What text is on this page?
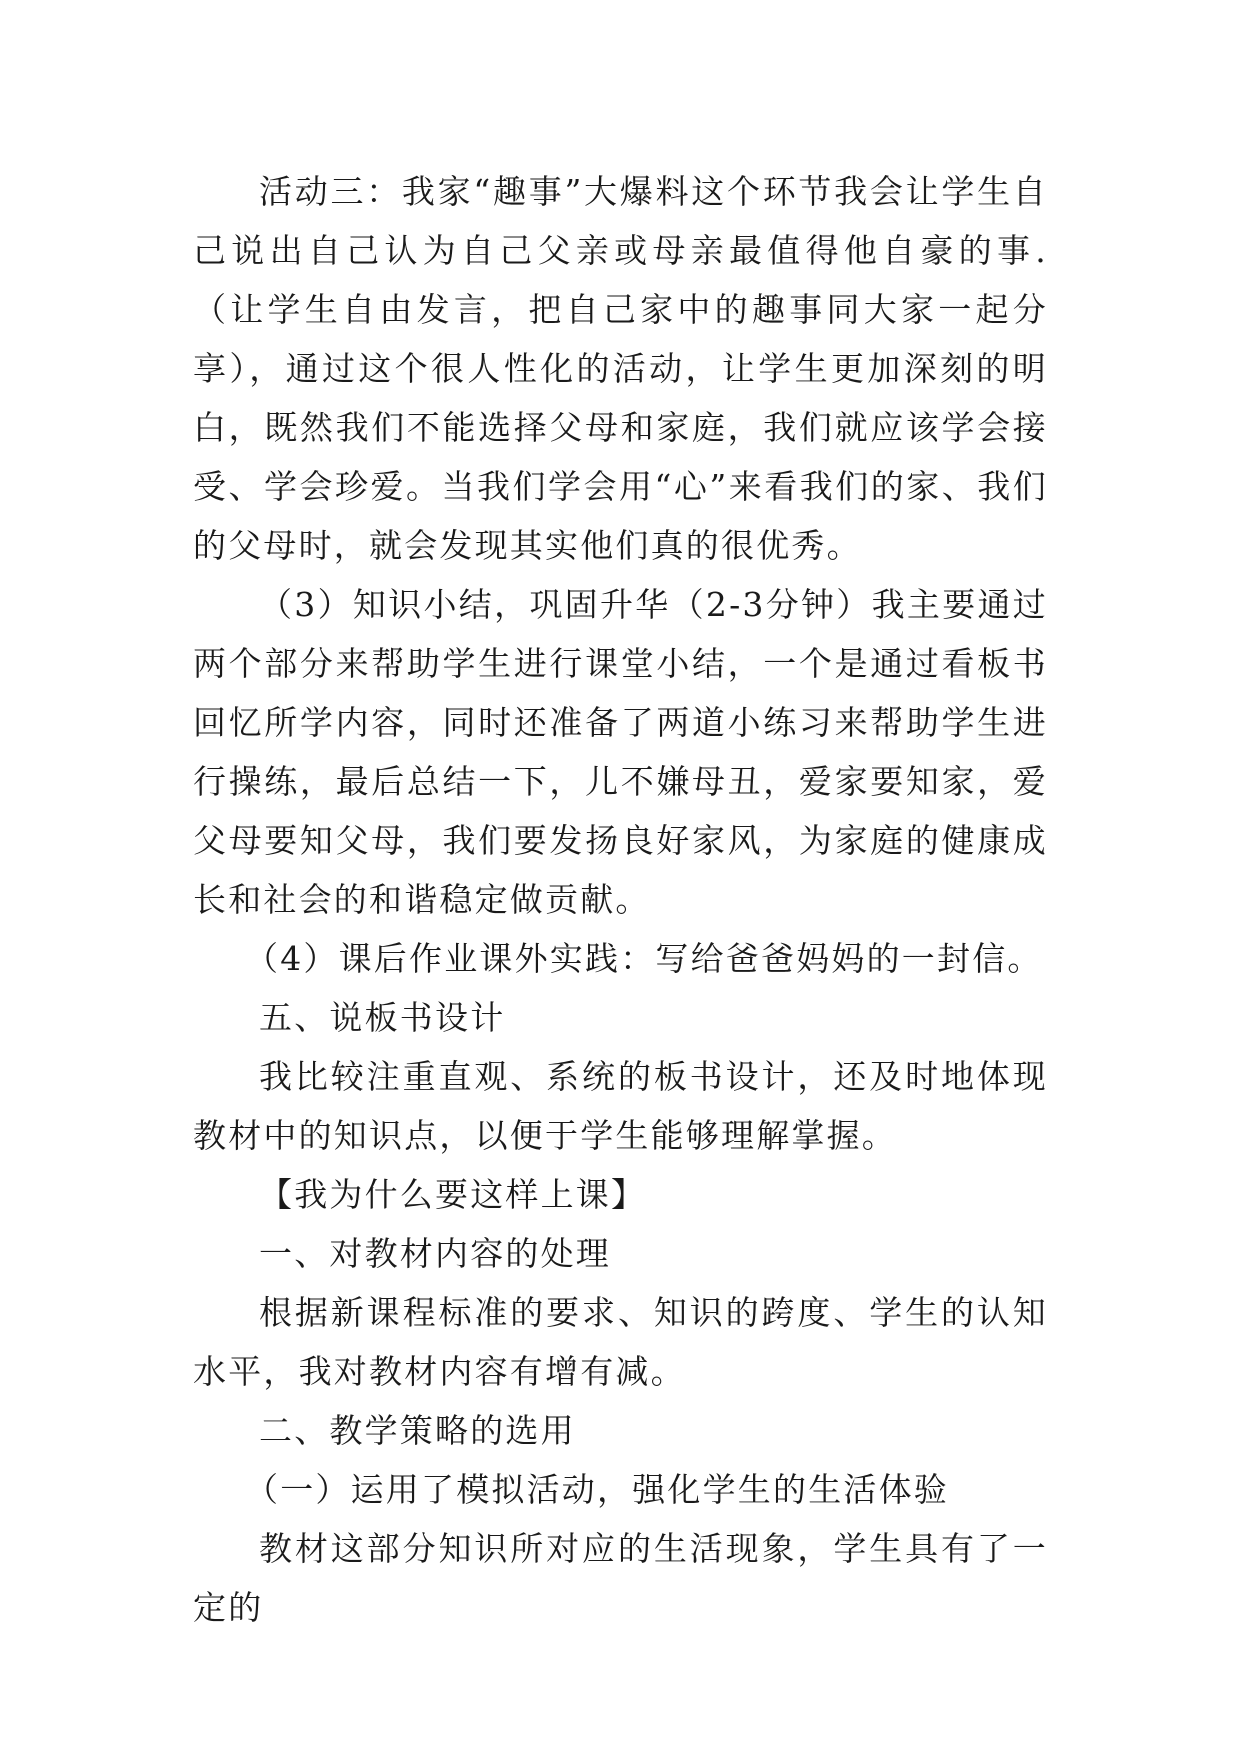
活动三：我家“趣事”大爆料这个环节我会让学生自己说出自己认为自己父亲或母亲最值得他自豪的事.（让学生自由发言，把自己家中的趣事同大家一起分享），通过这个很人性化的活动，让学生更加深刻的明白，既然我们不能选择父母和家庭，我们就应该学会接受、学会珍爱。当我们学会用“心”来看我们的家、我们的父母时，就会发现其实他们真的很优秀。

（3）知识小结，巩固升华（2-3分钟）我主要通过两个部分来帮助学生进行课堂小结，一个是通过看板书回忆所学内容，同时还准备了两道小练习来帮助学生进行操练，最后总结一下，儿不嫌母丑，爱家要知家，爱父母要知父母，我们要发扬良好家风，为家庭的健康成长和社会的和谐稳定做贡献。

（4）课后作业课外实践：写给爸爸妈妈的一封信。

五、说板书设计

我比较注重直观、系统的板书设计，还及时地体现教材中的知识点，以便于学生能够理解掌握。

【我为什么要这样上课】

一、对教材内容的处理

根据新课程标准的要求、知识的跨度、学生的认知水平，我对教材内容有增有减。

二、教学策略的选用

（一）运用了模拟活动，强化学生的生活体验

教材这部分知识所对应的生活现象，学生具有了一定的
